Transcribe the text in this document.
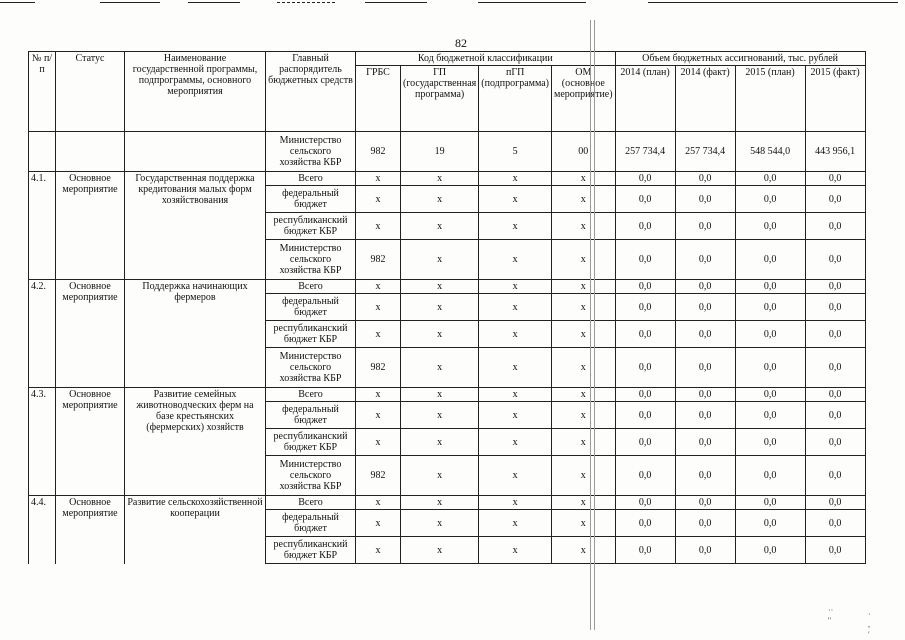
82
№ п/п	Статус	Наименование государственной программы, подпрограммы, основного мероприятия	Главный распорядитель бюджетных средств	Код бюджетной классификации				Объем бюджетных ассигнований, тыс. рублей			
				ГРБС	ГП (государственная программа)	пГП (подпрограмма)	ОМ (основное мероприятие)	2014 (план)	2014 (факт)	2015 (план)	2015 (факт)
			Министерство сельского хозяйства КБР	982	19	5	00	257 734,4	257 734,4	548 544,0	443 956,1
4.1.	Основное мероприятие	Государственная поддержка кредитования малых форм хозяйствования	Всего	х	х	х	х	0,0	0,0	0,0	0,0
			федеральный бюджет	х	х	х	х	0,0	0,0	0,0	0,0
			республиканский бюджет КБР	х	х	х	х	0,0	0,0	0,0	0,0
			Министерство сельского хозяйства КБР	982	х	х	х	0,0	0,0	0,0	0,0
4.2.	Основное мероприятие	Поддержка начинающих фермеров	Всего	х	х	х	х	0,0	0,0	0,0	0,0
			федеральный бюджет	х	х	х	х	0,0	0,0	0,0	0,0
			республиканский бюджет КБР	х	х	х	х	0,0	0,0	0,0	0,0
			Министерство сельского хозяйства КБР	982	х	х	х	0,0	0,0	0,0	0,0
4.3.	Основное мероприятие	Развитие семейных животноводческих ферм на базе крестьянских (фермерских) хозяйств	Всего	х	х	х	х	0,0	0,0	0,0	0,0
			федеральный бюджет	х	х	х	х	0,0	0,0	0,0	0,0
			республиканский бюджет КБР	х	х	х	х	0,0	0,0	0,0	0,0
			Министерство сельского хозяйства КБР	982	х	х	х	0,0	0,0	0,0	0,0
4.4.	Основное мероприятие	Развитие сельскохозяйственной кооперации	Всего	х	х	х	х	0,0	0,0	0,0	0,0
			федеральный бюджет	х	х	х	х	0,0	0,0	0,0	0,0
			республиканский бюджет КБР	х	х	х	х	0,0	0,0	0,0	0,0
··
''
·
,
ʹ
